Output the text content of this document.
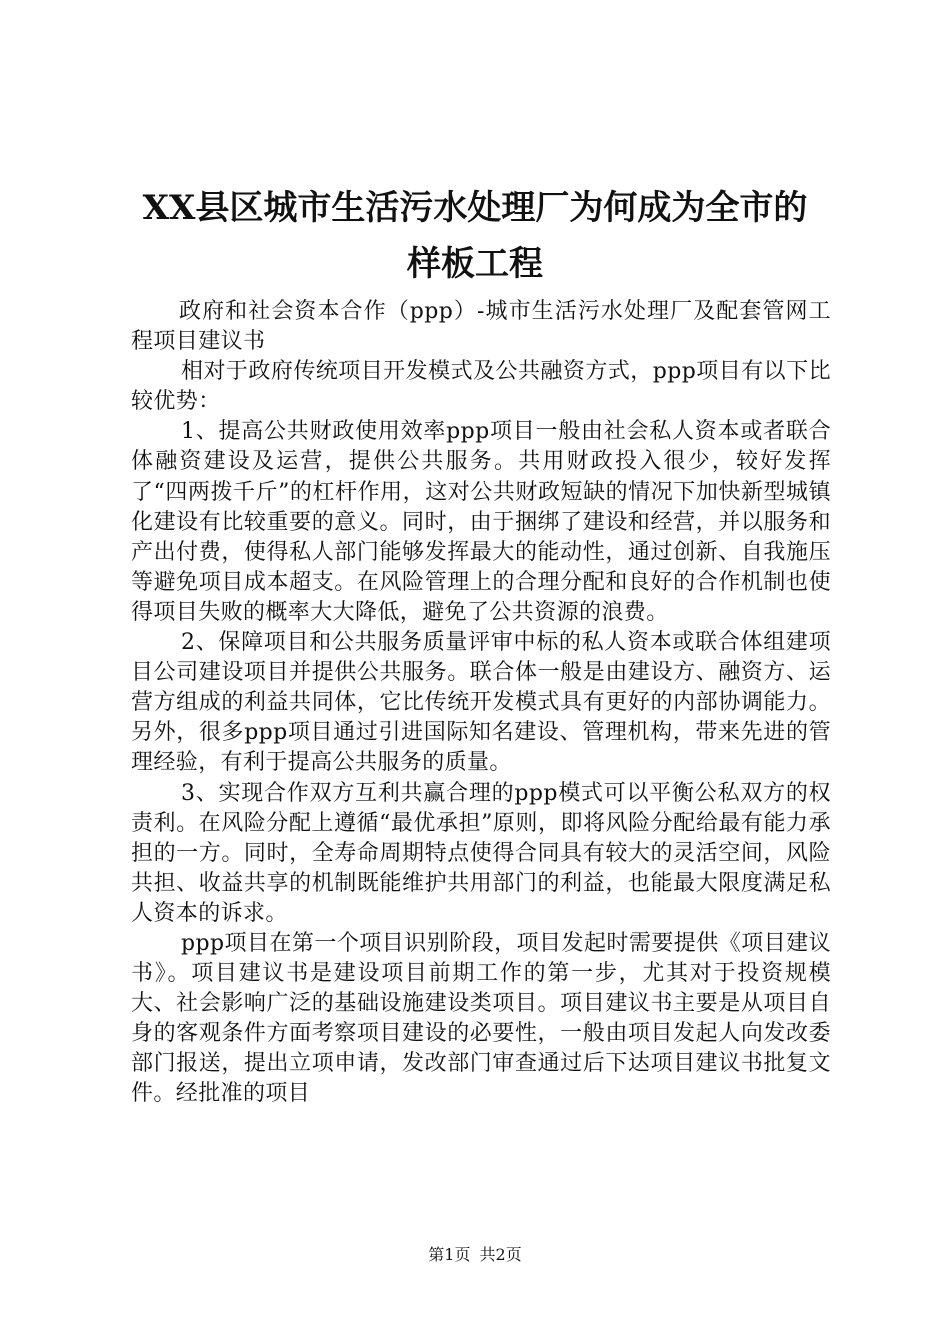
XX县区城市生活污水处理厂为何成为全市的
样板工程

政府和社会资本合作（ppp）-城市生活污水处理厂及配套管网工程项目建议书

相对于政府传统项目开发模式及公共融资方式，ppp项目有以下比较优势：

1、提高公共财政使用效率ppp项目一般由社会私人资本或者联合体融资建设及运营，提供公共服务。共用财政投入很少，较好发挥了“四两拨千斤”的杠杆作用，这对公共财政短缺的情况下加快新型城镇化建设有比较重要的意义。同时，由于捆绑了建设和经营，并以服务和产出付费，使得私人部门能够发挥最大的能动性，通过创新、自我施压等避免项目成本超支。在风险管理上的合理分配和良好的合作机制也使得项目失败的概率大大降低，避免了公共资源的浪费。

2、保障项目和公共服务质量评审中标的私人资本或联合体组建项目公司建设项目并提供公共服务。联合体一般是由建设方、融资方、运营方组成的利益共同体，它比传统开发模式具有更好的内部协调能力。另外，很多ppp项目通过引进国际知名建设、管理机构，带来先进的管理经验，有利于提高公共服务的质量。

3、实现合作双方互利共赢合理的ppp模式可以平衡公私双方的权责利。在风险分配上遵循“最优承担”原则，即将风险分配给最有能力承担的一方。同时，全寿命周期特点使得合同具有较大的灵活空间，风险共担、收益共享的机制既能维护共用部门的利益，也能最大限度满足私人资本的诉求。

ppp项目在第一个项目识别阶段，项目发起时需要提供《项目建议书》。项目建议书是建设项目前期工作的第一步，尤其对于投资规模大、社会影响广泛的基础设施建设类项目。项目建议书主要是从项目自身的客观条件方面考察项目建设的必要性，一般由项目发起人向发改委部门报送，提出立项申请，发改部门审查通过后下达项目建议书批复文件。经批准的项目

第1页 共2页
